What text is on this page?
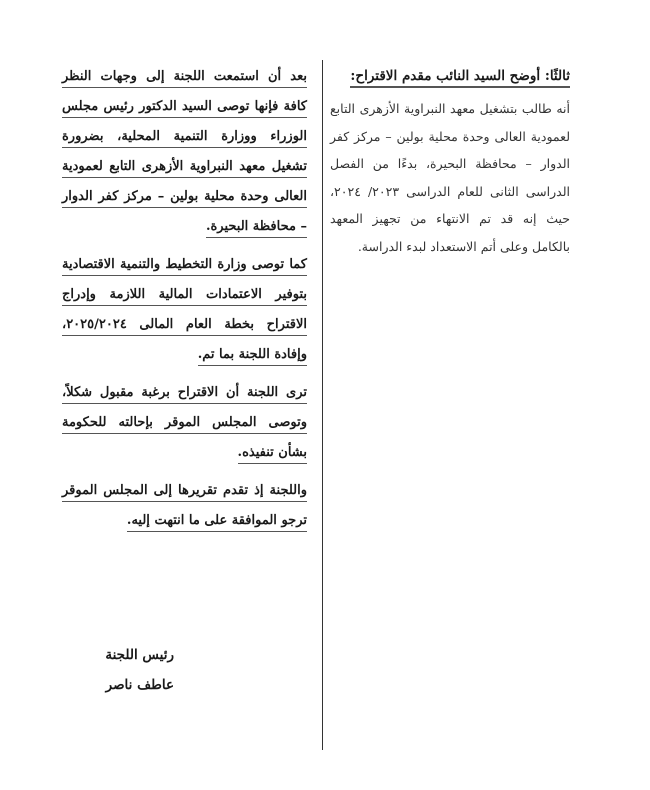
ثالثًا: أوضح السيد النائب مقدم الاقتراح:
أنه طالب بتشغيل معهد النبراوية الأزهرى التابع لعمودية العالى وحدة محلية بولين – مركز كفر الدوار – محافظة البحيرة، بدءًا من الفصل الدراسى الثانى للعام الدراسى ٢٠٢٣/ ٢٠٢٤، حيث إنه قد تم الانتهاء من تجهيز المعهد بالكامل وعلى أتم الاستعداد لبدء الدراسة.

بعد أن استمعت اللجنة إلى وجهات النظر كافة فإنها توصى السيد الدكتور رئيس مجلس الوزراء ووزارة التنمية المحلية، بضرورة تشغيل معهد النبراوية الأزهرى التابع لعمودية العالى وحدة محلية بولين – مركز كفر الدوار – محافظة البحيرة.

كما توصى وزارة التخطيط والتنمية الاقتصادية بتوفير الاعتمادات المالية اللازمة وإدراج الاقتراح بخطة العام المالى ٢٠٢٥/٢٠٢٤، وإفادة اللجنة بما تم.

ترى اللجنة أن الاقتراح برغبة مقبول شكلاً، وتوصى المجلس الموقر بإحالته للحكومة بشأن تنفيذه.

واللجنة إذ تقدم تقريرها إلى المجلس الموقر ترجو الموافقة على ما انتهت إليه.

رئيس اللجنة
عاطف ناصر
